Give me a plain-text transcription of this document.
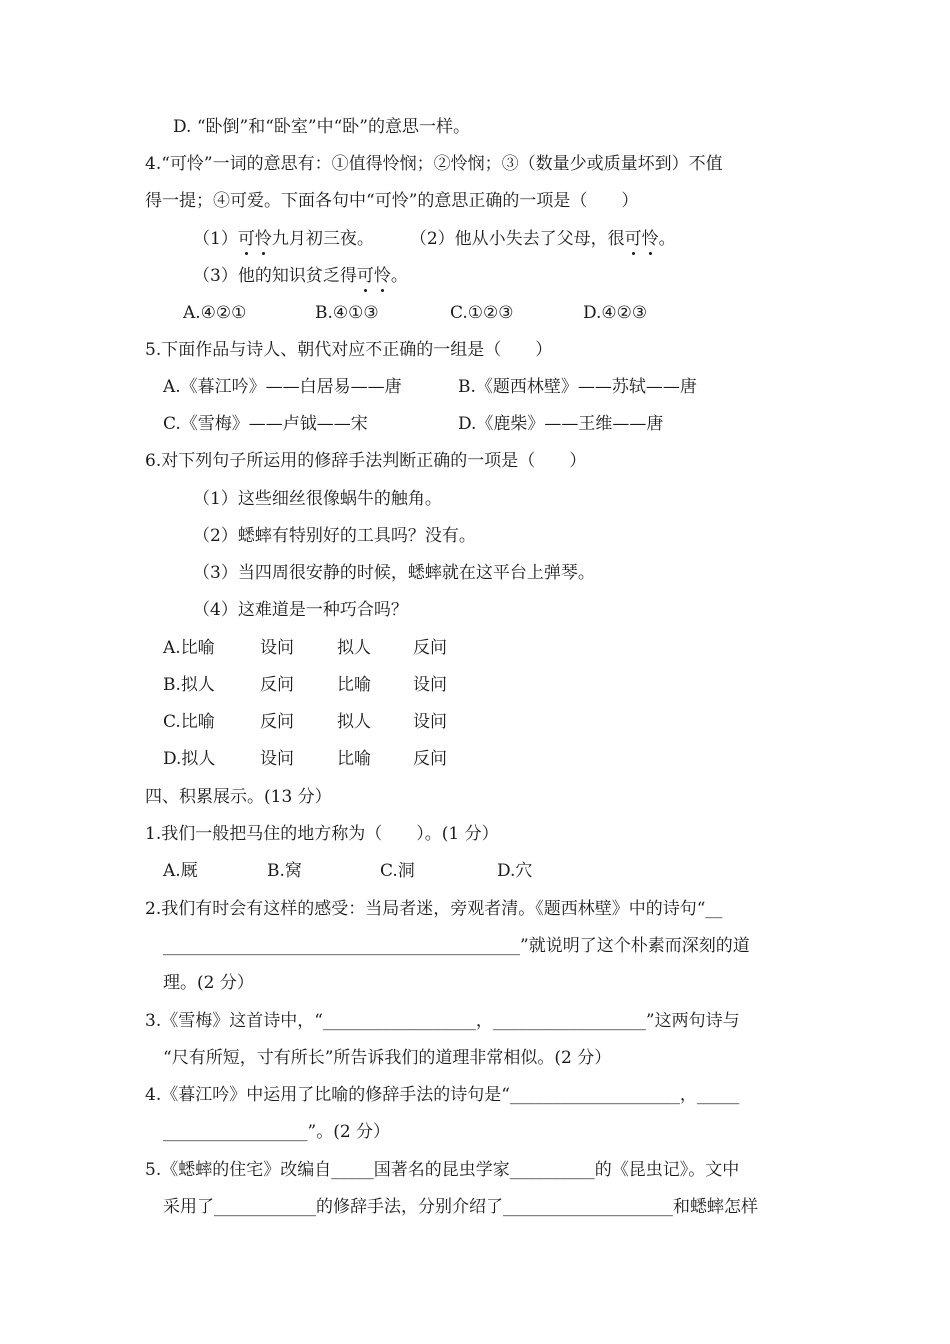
D. “卧倒”和“卧室”中“卧”的意思一样。
4.“可怜”一词的意思有：①值得怜悯；②怜悯；③（数量少或质量坏到）不值
得一提；④可爱。下面各句中“可怜”的意思正确的一项是（　　）
（1）可怜九月初三夜。 （2）他从小失去了父母，很可怜。
（3）他的知识贫乏得可怜。
A.④②①	B.④①③	C.①②③	D.④②③
5.下面作品与诗人、朝代对应不正确的一组是（　　）
A.《暮江吟》——白居易——唐	B.《题西林壁》——苏轼——唐
C.《雪梅》——卢钺——宋	D.《鹿柴》——王维——唐
6.对下列句子所运用的修辞手法判断正确的一项是（　　）
（1）这些细丝很像蜗牛的触角。
（2）蟋蟀有特别好的工具吗？没有。
（3）当四周很安静的时候，蟋蟀就在这平台上弹琴。
（4）这难道是一种巧合吗？
A.比喻	设问	拟人 反问
B.拟人	反问	比喻 设问
C.比喻	反问	拟人 设问
D.拟人	设问	比喻 反问
四、积累展示。(13 分）
1.我们一般把马住的地方称为（　　）。(1 分）
A.厩	B.窝	C.洞	D.穴
2.我们有时会有这样的感受：当局者迷，旁观者清。《题西林壁》中的诗句“__
__________________________________________”就说明了这个朴素而深刻的道
理。(2 分）
3.《雪梅》这首诗中，“__________________，__________________”这两句诗与
“尺有所短，寸有所长”所告诉我们的道理非常相似。(2 分）
4.《暮江吟》中运用了比喻的修辞手法的诗句是“____________________，_____
_________________”。(2 分）
5.《蟋蟀的住宅》改编自_____国著名的昆虫学家__________的《昆虫记》。文中
采用了____________的修辞手法，分别介绍了____________________和蟋蟀怎样
